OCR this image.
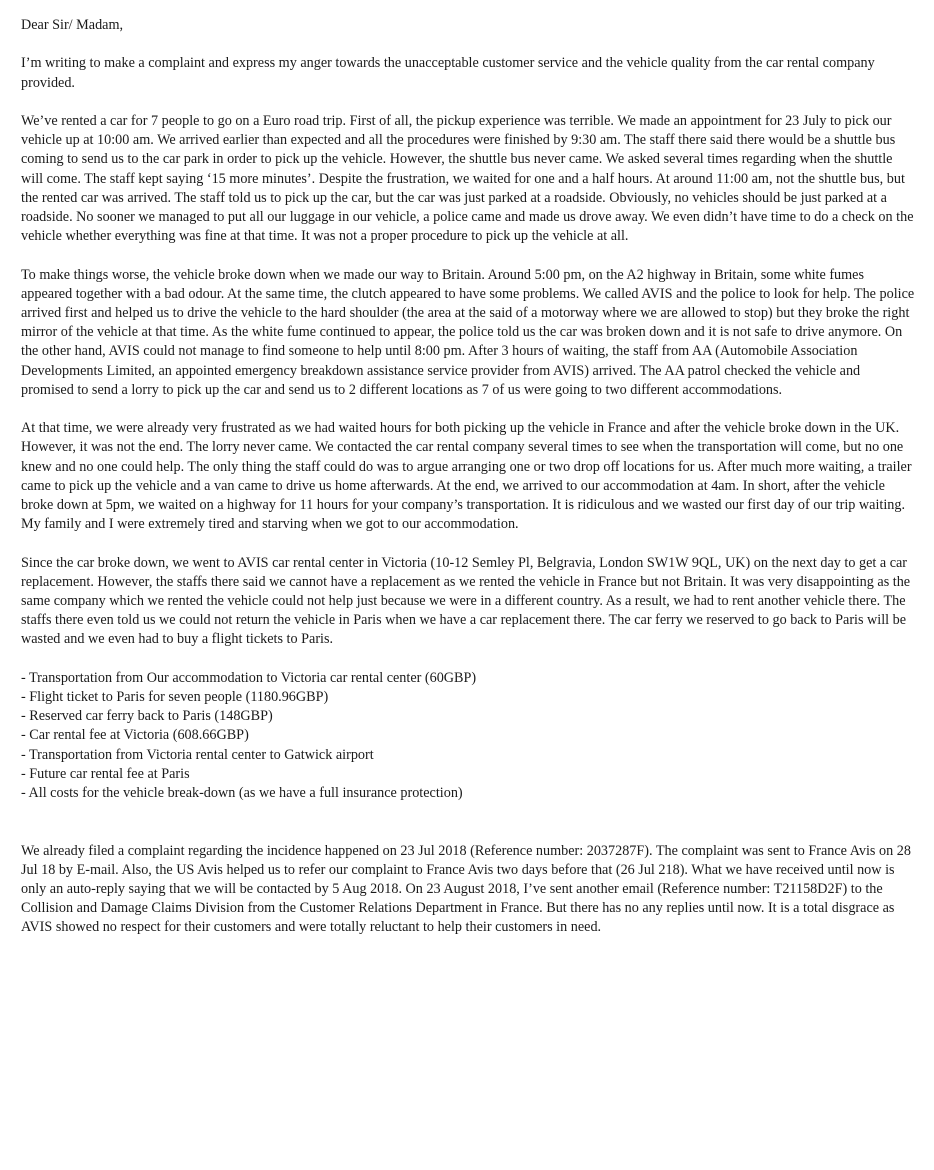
Dear Sir/ Madam,

I’m writing to make a complaint and express my anger towards the unacceptable customer service and the vehicle quality from the car rental company provided.

We’ve rented a car for 7 people to go on a Euro road trip. First of all, the pickup experience was terrible. We made an appointment for 23 July to pick our vehicle up at 10:00 am. We arrived earlier than expected and all the procedures were finished by 9:30 am. The staff there said there would be a shuttle bus coming to send us to the car park in order to pick up the vehicle. However, the shuttle bus never came. We asked several times regarding when the shuttle will come. The staff kept saying ‘15 more minutes’. Despite the frustration, we waited for one and a half hours. At around 11:00 am, not the shuttle bus, but the rented car was arrived. The staff told us to pick up the car, but the car was just parked at a roadside. Obviously, no vehicles should be just parked at a roadside. No sooner we managed to put all our luggage in our vehicle, a police came and made us drove away. We even didn’t have time to do a check on the vehicle whether everything was fine at that time. It was not a proper procedure to pick up the vehicle at all.

To make things worse, the vehicle broke down when we made our way to Britain. Around 5:00 pm, on the A2 highway in Britain, some white fumes appeared together with a bad odour. At the same time, the clutch appeared to have some problems. We called AVIS and the police to look for help. The police arrived first and helped us to drive the vehicle to the hard shoulder (the area at the said of a motorway where we are allowed to stop) but they broke the right mirror of the vehicle at that time. As the white fume continued to appear, the police told us the car was broken down and it is not safe to drive anymore. On the other hand, AVIS could not manage to find someone to help until 8:00 pm. After 3 hours of waiting, the staff from AA (Automobile Association Developments Limited, an appointed emergency breakdown assistance service provider from AVIS) arrived. The AA patrol checked the vehicle and promised to send a lorry to pick up the car and send us to 2 different locations as 7 of us were going to two different accommodations.

At that time, we were already very frustrated as we had waited hours for both picking up the vehicle in France and after the vehicle broke down in the UK. However, it was not the end. The lorry never came. We contacted the car rental company several times to see when the transportation will come, but no one knew and no one could help. The only thing the staff could do was to argue arranging one or two drop off locations for us. After much more waiting, a trailer came to pick up the vehicle and a van came to drive us home afterwards. At the end, we arrived to our accommodation at 4am. In short, after the vehicle broke down at 5pm, we waited on a highway for 11 hours for your company’s transportation. It is ridiculous and we wasted our first day of our trip waiting. My family and I were extremely tired and starving when we got to our accommodation.

Since the car broke down, we went to AVIS car rental center in Victoria (10-12 Semley Pl, Belgravia, London SW1W 9QL, UK) on the next day to get a car replacement. However, the staffs there said we cannot have a replacement as we rented the vehicle in France but not Britain. It was very disappointing as the same company which we rented the vehicle could not help just because we were in a different country. As a result, we had to rent another vehicle there. The staffs there even told us we could not return the vehicle in Paris when we have a car replacement there. The car ferry we reserved to go back to Paris will be wasted and we even had to buy a flight tickets to Paris.

- Transportation from Our accommodation to Victoria car rental center (60GBP)
- Flight ticket to Paris for seven people (1180.96GBP)
- Reserved car ferry back to Paris (148GBP)
- Car rental fee at Victoria (608.66GBP)
- Transportation from Victoria rental center to Gatwick airport
- Future car rental fee at Paris
- All costs for the vehicle break-down (as we have a full insurance protection)

We already filed a complaint regarding the incidence happened on 23 Jul 2018 (Reference number: 2037287F). The complaint was sent to France Avis on 28 Jul 18 by E-mail. Also, the US Avis helped us to refer our complaint to France Avis two days before that (26 Jul 218). What we have received until now is only an auto-reply saying that we will be contacted by 5 Aug 2018. On 23 August 2018, I’ve sent another email (Reference number: T21158D2F) to the Collision and Damage Claims Division from the Customer Relations Department in France. But there has no any replies until now. It is a total disgrace as AVIS showed no respect for their customers and were totally reluctant to help their customers in need.
